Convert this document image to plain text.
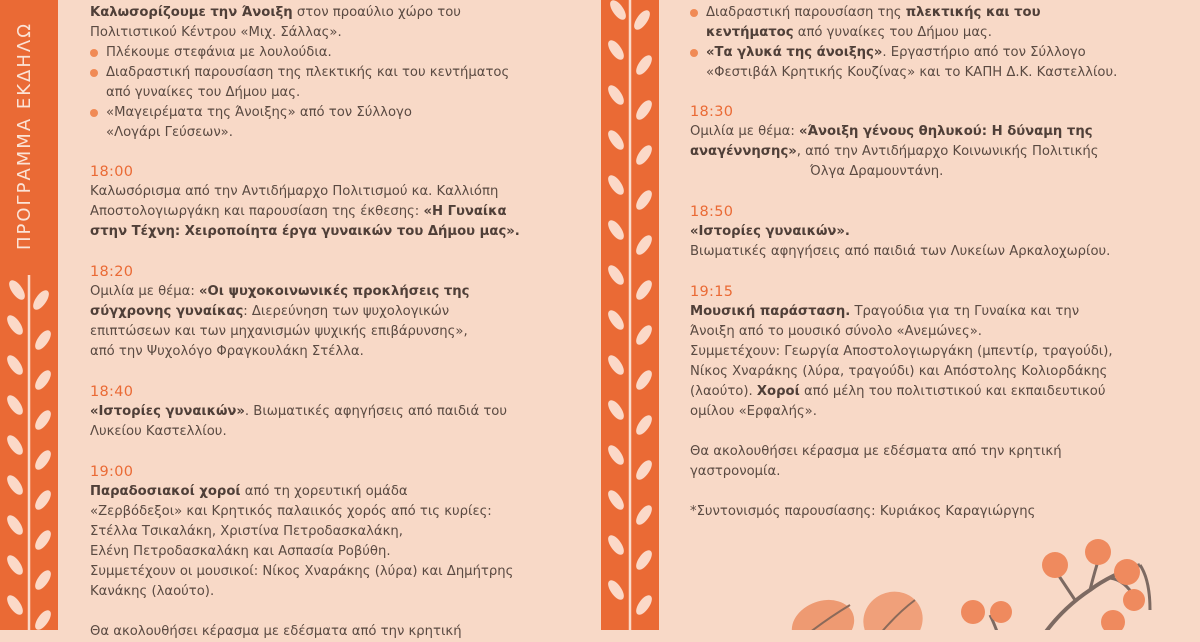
ΠΡΟΓΡΑΜΜΑ ΕΚΔΗΛΩ
Καλωσορίζουμε την Άνοιξη στον προαύλιο χώρο του
Πολιτιστικού Κέντρου «Μιχ. Σάλλας».
Πλέκουμε στεφάνια με λουλούδια.
Διαδραστική παρουσίαση της πλεκτικής και του κεντήματος
από γυναίκες του Δήμου μας.
«Μαγειρέματα της Άνοιξης» από τον Σύλλογο
«Λογάρι Γεύσεων».
18:00
Καλωσόρισμα από την Αντιδήμαρχο Πολιτισμού κα. Καλλιόπη
Αποστολογιωργάκη και παρουσίαση της έκθεσης: «Η Γυναίκα
στην Τέχνη: Χειροποίητα έργα γυναικών του Δήμου μας».
18:20
Ομιλία με θέμα: «Οι ψυχοκοινωνικές προκλήσεις της
σύγχρονης γυναίκας: Διερεύνηση των ψυχολογικών
επιπτώσεων και των μηχανισμών ψυχικής επιβάρυνσης»,
από την Ψυχολόγο Φραγκουλάκη Στέλλα.
18:40
«Ιστορίες γυναικών». Βιωματικές αφηγήσεις από παιδιά του
Λυκείου Καστελλίου.
19:00
Παραδοσιακοί χοροί από τη χορευτική ομάδα
«Ζερβόδεξοι» και Κρητικός παλαιικός χορός από τις κυρίες:
Στέλλα Τσικαλάκη, Χριστίνα Πετροδασκαλάκη,
Ελένη Πετροδασκαλάκη και Ασπασία Ροβύθη.
Συμμετέχουν οι μουσικοί: Νίκος Χναράκης (λύρα) και Δημήτρης
Κανάκης (λαούτο).
Θα ακολουθήσει κέρασμα με εδέσματα από την κρητική
Διαδραστική παρουσίαση της πλεκτικής και του
κεντήματος από γυναίκες του Δήμου μας.
«Τα γλυκά της άνοιξης». Εργαστήριο από τον Σύλλογο
«Φεστιβάλ Κρητικής Κουζίνας» και το ΚΑΠΗ Δ.Κ. Καστελλίου.
18:30
Ομιλία με θέμα: «Άνοιξη γένους θηλυκού: Η δύναμη της
αναγέννησης», από την Αντιδήμαρχο Κοινωνικής Πολιτικής
Όλγα Δραμουντάνη.
18:50
«Ιστορίες γυναικών».
Βιωματικές αφηγήσεις από παιδιά των Λυκείων Αρκαλοχωρίου.
19:15
Μουσική παράσταση. Τραγούδια για τη Γυναίκα και την
Άνοιξη από το μουσικό σύνολο «Ανεμώνες».
Συμμετέχουν: Γεωργία Αποστολογιωργάκη (μπεντίρ, τραγούδι),
Νίκος Χναράκης (λύρα, τραγούδι) και Απόστολης Κολιορδάκης
(λαούτο). Χοροί από μέλη του πολιτιστικού και εκπαιδευτικού
ομίλου «Ερφαλής».
Θα ακολουθήσει κέρασμα με εδέσματα από την κρητική
γαστρονομία.
*Συντονισμός παρουσίασης: Κυριάκος Καραγιώργης
